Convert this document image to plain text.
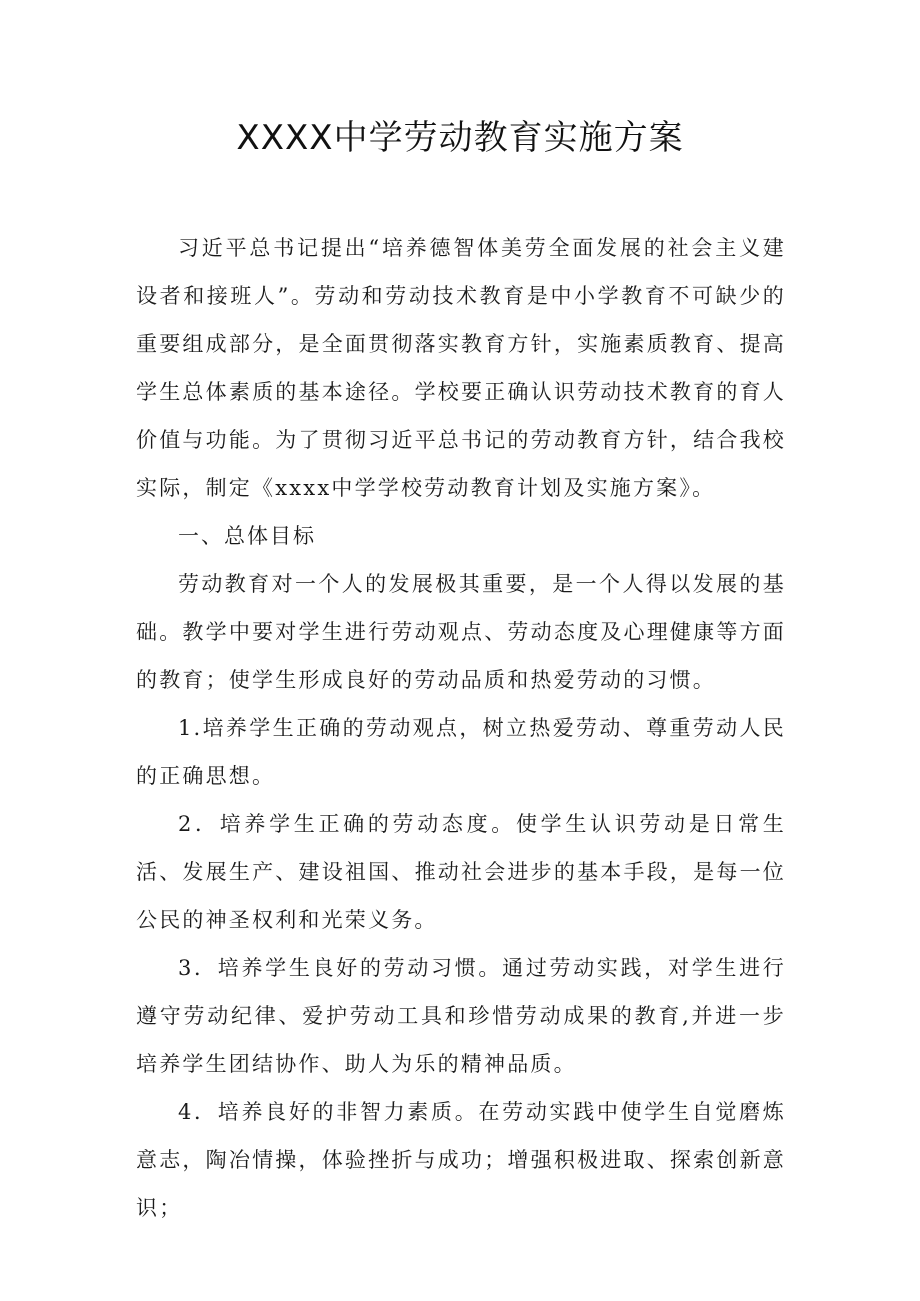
XXXX中学劳动教育实施方案

习近平总书记提出“培养德智体美劳全面发展的社会主义建设者和接班人”。劳动和劳动技术教育是中小学教育不可缺少的重要组成部分，是全面贯彻落实教育方针，实施素质教育、提高学生总体素质的基本途径。学校要正确认识劳动技术教育的育人价值与功能。为了贯彻习近平总书记的劳动教育方针，结合我校实际，制定《xxxx中学学校劳动教育计划及实施方案》。

一、总体目标

劳动教育对一个人的发展极其重要，是一个人得以发展的基础。教学中要对学生进行劳动观点、劳动态度及心理健康等方面的教育；使学生形成良好的劳动品质和热爱劳动的习惯。

1.培养学生正确的劳动观点，树立热爱劳动、尊重劳动人民的正确思想。

2．培养学生正确的劳动态度。使学生认识劳动是日常生活、发展生产、建设祖国、推动社会进步的基本手段，是每一位公民的神圣权利和光荣义务。

3．培养学生良好的劳动习惯。通过劳动实践，对学生进行遵守劳动纪律、爱护劳动工具和珍惜劳动成果的教育,并进一步培养学生团结协作、助人为乐的精神品质。

4．培养良好的非智力素质。在劳动实践中使学生自觉磨炼意志，陶冶情操，体验挫折与成功；增强积极进取、探索创新意识；
